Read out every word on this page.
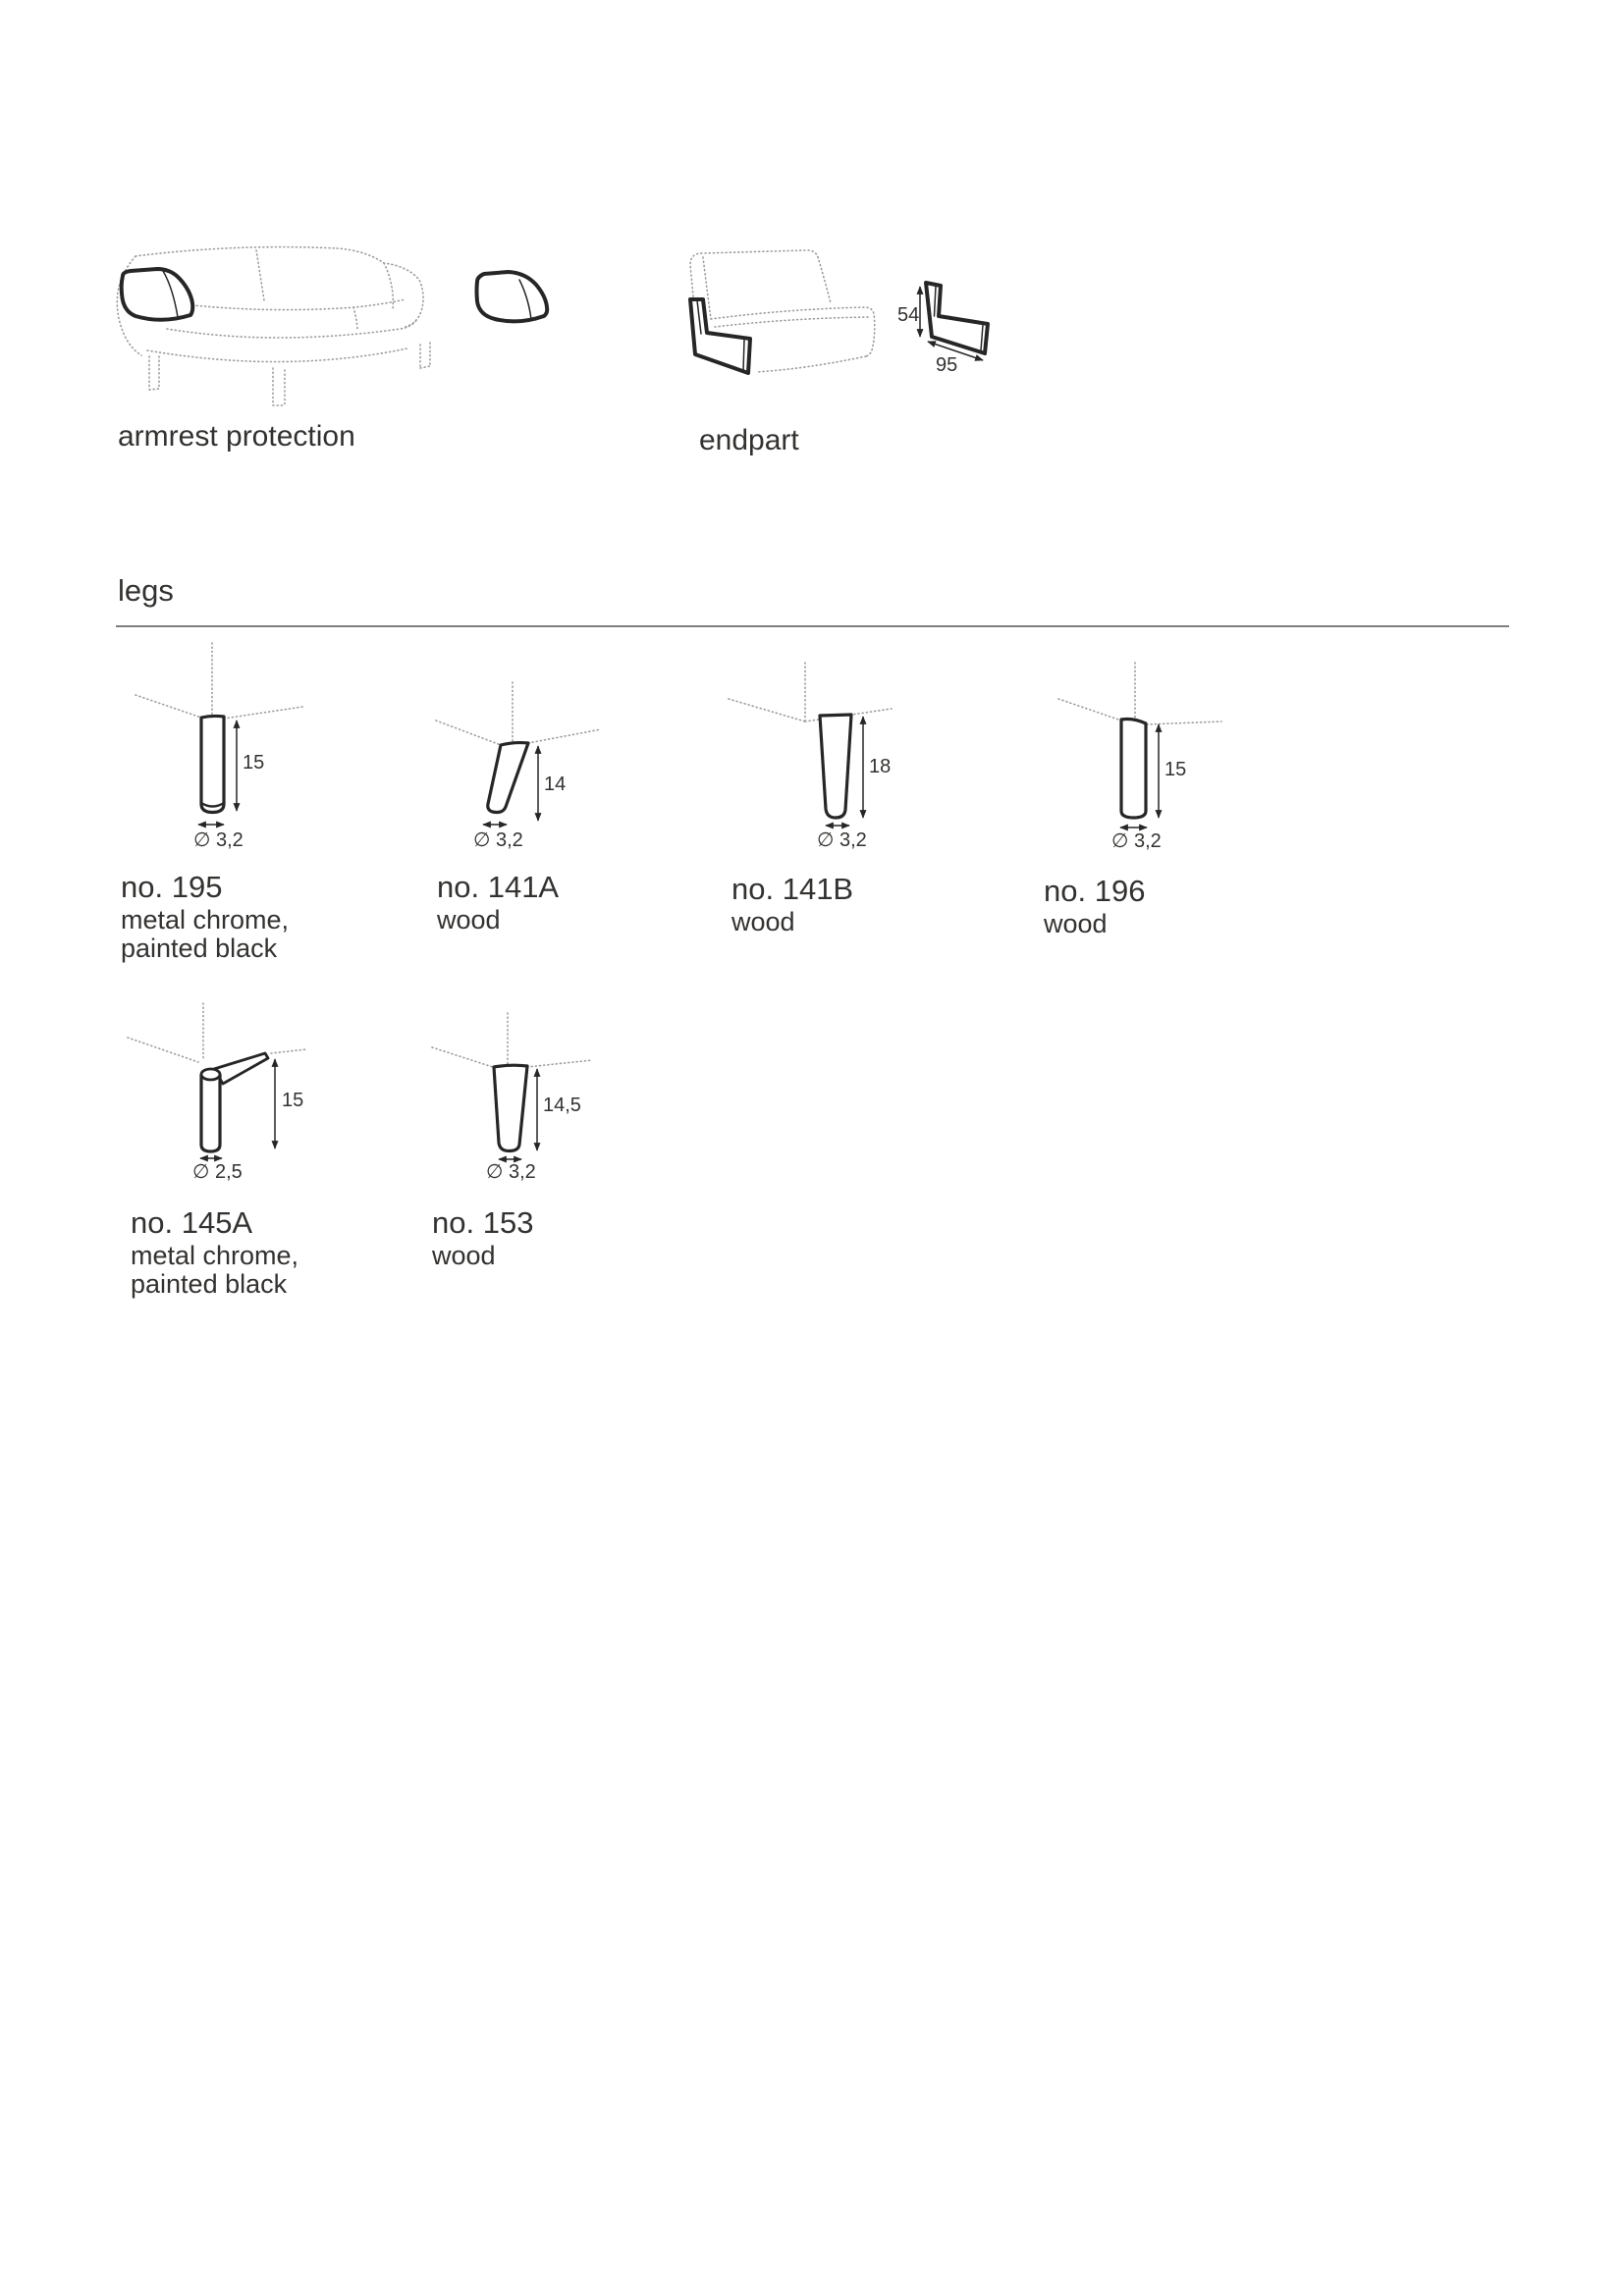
armrest protection
54
95
endpart
legs
15
∅ 3,2
no. 195
metal chrome,
painted black
14
∅ 3,2
no. 141A
wood
18
∅ 3,2
no. 141B
wood
15
∅ 3,2
no. 196
wood
15
∅ 2,5
no. 145A
metal chrome,
painted black
14,5
∅ 3,2
no. 153
wood
